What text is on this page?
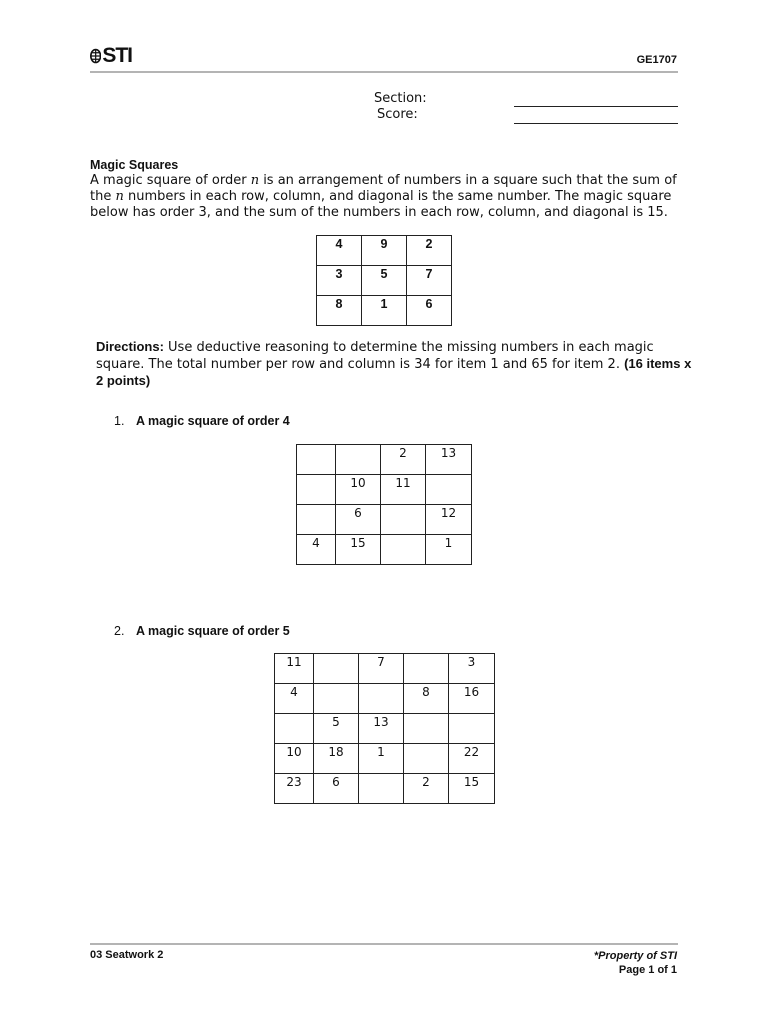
STI	GE1707
Section:
Score:
Magic Squares
A magic square of order n is an arrangement of numbers in a square such that the sum of the n numbers in each row, column, and diagonal is the same number. The magic square below has order 3, and the sum of the numbers in each row, column, and diagonal is 15.
4	9	2

3	5	7

8	1	6
Directions: Use deductive reasoning to determine the missing numbers in each magic square. The total number per row and column is 34 for item 1 and 65 for item 2. (16 items x 2 points)
1. A magic square of order 4

		2	13

	10	11	

	6		12

4	15		1
2. A magic square of order 5
11		7		3

4			8	16

	5	13		

10	18	1		22

23	6		2	15
03 Seatwork 2	*Property of STI
Page 1 of 1
